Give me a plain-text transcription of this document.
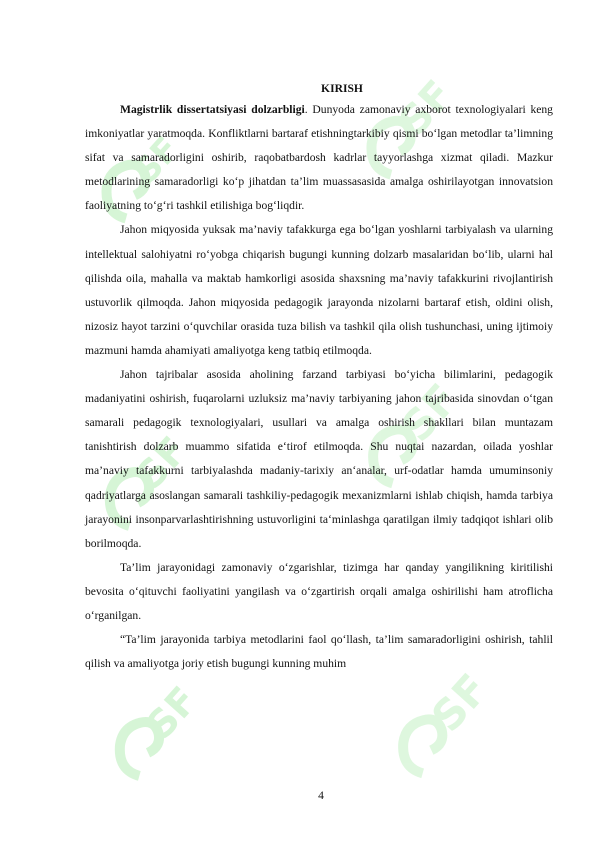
SF
SF
SF
SF
SF	SF
KIRISH

Magistrlik dissertatsiyasi dolzarbligi. Dunyoda zamonaviy axborot texnologiyalari keng imkoniyatlar yaratmoqda. Konfliktlarni bartaraf etishningtarkibiy qismi bo‘lgan metodlar ta’limning sifat va samaradorligini oshirib, raqobatbardosh kadrlar tayyorlashga xizmat qiladi. Mazkur metodlarining samaradorligi ko‘p jihatdan ta’lim muassasasida amalga oshirilayotgan innovatsion faoliyatning to‘g‘ri tashkil etilishiga bog‘liqdir.

Jahon miqyosida yuksak ma’naviy tafakkurga ega bo‘lgan yoshlarni tarbiyalash va ularning intellektual salohiyatni ro‘yobga chiqarish bugungi kunning dolzarb masalaridan bo‘lib, ularni hal qilishda oila, mahalla va maktab hamkorligi asosida shaxsning ma’naviy tafakkurini rivojlantirish ustuvorlik qilmoqda. Jahon miqyosida pedagogik jarayonda nizolarni bartaraf etish, oldini olish, nizosiz hayot tarzini o‘quvchilar orasida tuza bilish va tashkil qila olish tushunchasi, uning ijtimoiy mazmuni hamda ahamiyati amaliyotga keng tatbiq etilmoqda.

Jahon tajribalar asosida aholining farzand tarbiyasi bo‘yicha bilimlarini, pedagogik madaniyatini oshirish, fuqarolarni uzluksiz ma’naviy tarbiyaning jahon tajribasida sinovdan o‘tgan samarali pedagogik texnologiyalari, usullari va amalga oshirish shakllari bilan muntazam tanishtirish dolzarb muammo sifatida e‘tirof etilmoqda. Shu nuqtai nazardan, oilada yoshlar ma’naviy tafakkurni tarbiyalashda madaniy-tarixiy an‘analar, urf-odatlar hamda umuminsoniy qadriyatlarga asoslangan samarali tashkiliy-pedagogik mexanizmlarni ishlab chiqish, hamda tarbiya jarayonini insonparvarlashtirishning ustuvorligini ta‘minlashga qaratilgan ilmiy tadqiqot ishlari olib borilmoqda.

Ta’lim jarayonidagi zamonaviy o‘zgarishlar, tizimga har qanday yangilikning kiritilishi bevosita o‘qituvchi faoliyatini yangilash va o‘zgartirish orqali amalga oshirilishi ham atroflicha o‘rganilgan.

“Ta’lim jarayonida tarbiya metodlarini faol qo‘llash, ta’lim samaradorligini oshirish, tahlil qilish va amaliyotga joriy etish bugungi kunning muhim

4
